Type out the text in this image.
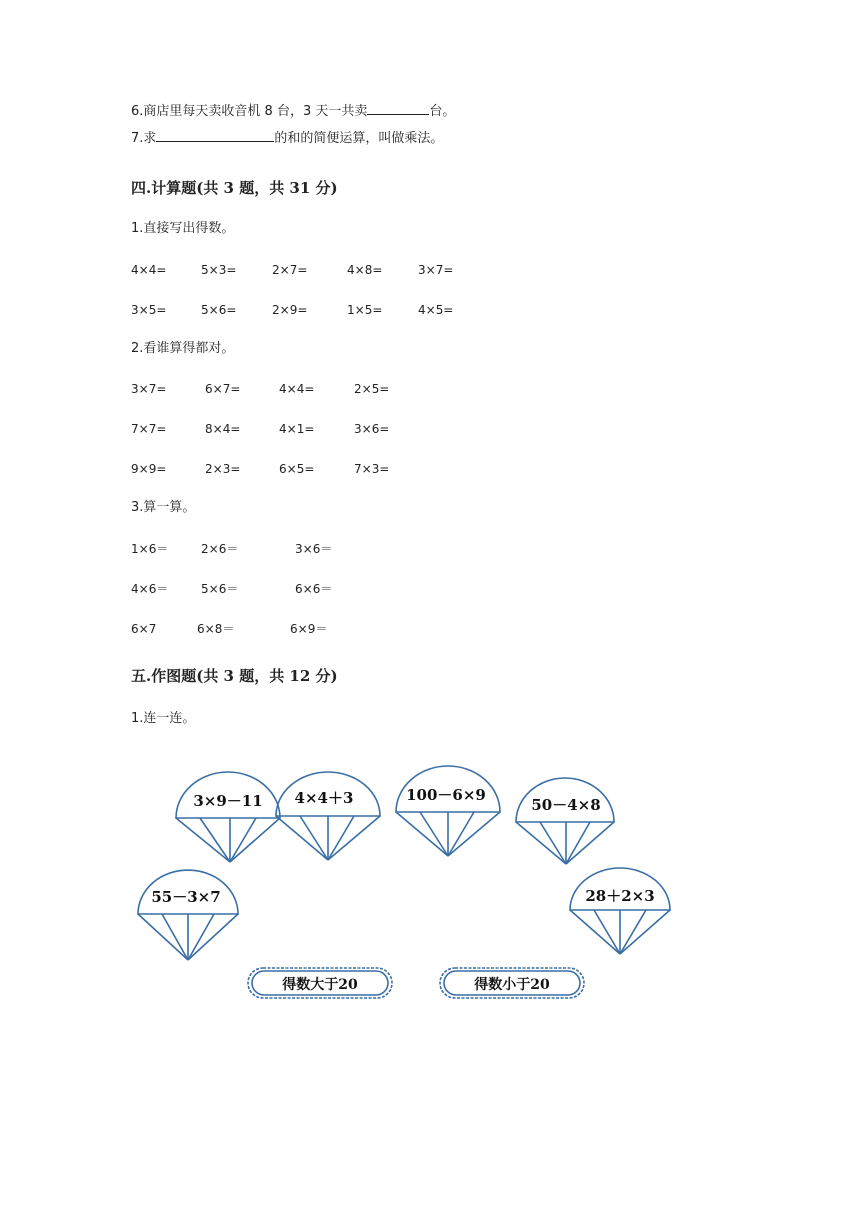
6.商店里每天卖收音机 8 台，3 天一共卖	台。
7.求	的和的简便运算，叫做乘法。
四.计算题(共 3 题，共 31 分)
1.直接写出得数。
4×4=	5×3=	2×7=	4×8=	3×7=
3×5=	5×6=	2×9=	1×5=	4×5=
2.看谁算得都对。
3×7=	6×7=	4×4=	2×5=
7×7=	8×4=	4×1=	3×6=
9×9=	2×3=	6×5=	7×3=
3.算一算。
1×6＝	2×6＝	3×6＝
4×6＝	5×6＝	6×6＝
6×7	6×8＝	6×9＝
五.作图题(共 3 题，共 12 分)
1.连一连。
3×9－11 4×4＋3	100－6×9
50－4×8
55－3×7	28＋2×3
得数大于20	得数小于20
